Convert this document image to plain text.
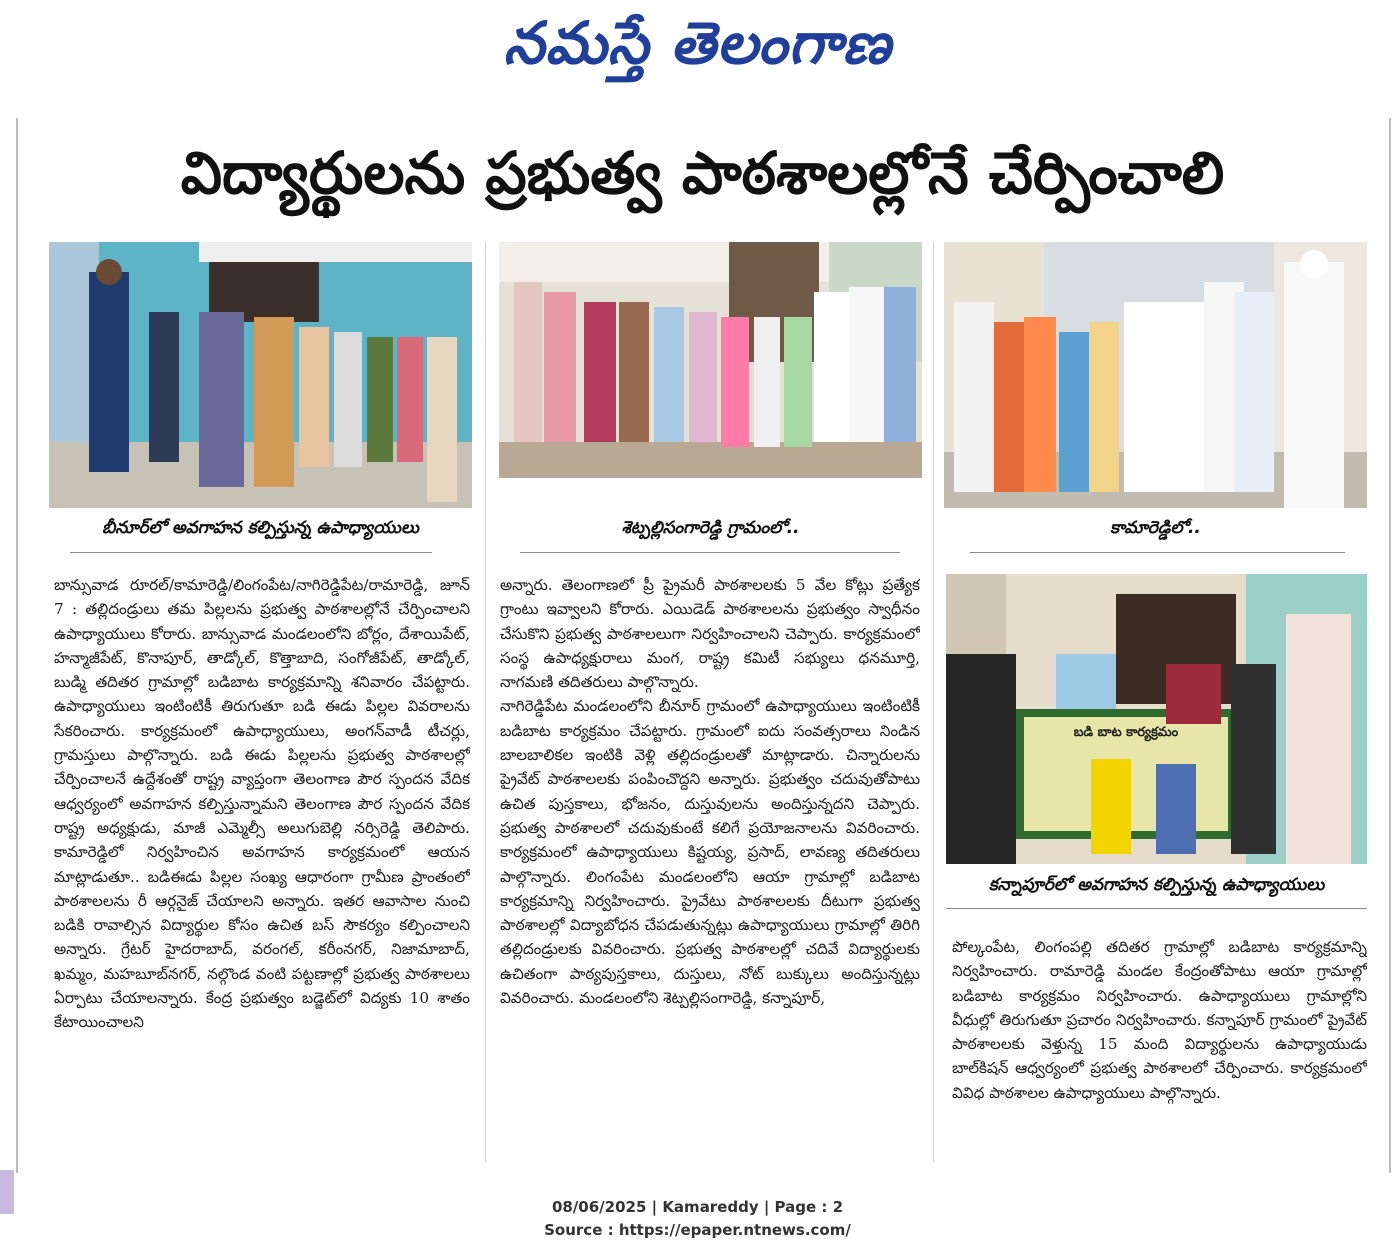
నమస్తే తెలంగాణ
విద్యార్థులను ప్రభుత్వ పాఠశాలల్లోనే చేర్పించాలి
బీనూర్‌లో అవగాహన కల్పిస్తున్న ఉపాధ్యాయులు	శెట్పల్లిసంగారెడ్డి గ్రామంలో..	కామారెడ్డిలో..
బడి బాట కార్యక్రమం
కన్నాపూర్‌లో అవగాహన కల్పిస్తున్న ఉపాధ్యాయులు

బాన్సువాడ రూరల్‌/కామారెడ్డి/లింగంపేట/నాగిరెడ్డిపేట/రామారెడ్డి, జూన్‌ 7 : తల్లిదండ్రులు తమ పిల్లలను ప్రభుత్వ పాఠశాలల్లోనే చేర్పించాలని ఉపాధ్యాయులు కోరారు. బాన్సువాడ మండలంలోని బోర్లం, దేశాయిపేట్‌, హన్మాజీపేట్‌, కొనాపూర్‌, తాడ్కోల్‌, కొత్తాబాది, సంగోజీపేట్‌, తాడ్కోల్‌, బుడ్మి తదితర గ్రామాల్లో బడిబాట కార్యక్రమాన్ని శనివారం చేపట్టారు. ఉపాధ్యాయులు ఇంటింటికీ తిరుగుతూ బడి ఈడు పిల్లల వివరాలను సేకరించారు. కార్యక్రమంలో ఉపాధ్యాయులు, అంగన్‌వాడీ టీచర్లు, గ్రామస్తులు పాల్గొన్నారు. బడి ఈడు పిల్లలను ప్రభుత్వ పాఠశాలల్లో చేర్పించాలనే ఉద్దేశంతో రాష్ట్ర వ్యాప్తంగా తెలంగాణ పౌర స్పందన వేదిక ఆధ్వర్యంలో అవగాహన కల్పిస్తున్నామని తెలంగాణ పౌర స్పందన వేదిక రాష్ట్ర అధ్యక్షుడు, మాజీ ఎమ్మెల్సీ అలుగుబెల్లి నర్సిరెడ్డి తెలిపారు. కామారెడ్డిలో నిర్వహించిన అవగాహన కార్యక్రమంలో ఆయన మాట్లాడుతూ.. బడిఈడు పిల్లల సంఖ్య ఆధారంగా గ్రామీణ ప్రాంతంలో పాఠశాలలను రీ ఆర్గనైజ్‌ చేయాలని అన్నారు. ఇతర ఆవాసాల నుంచి బడికి రావాల్సిన విద్యార్థుల కోసం ఉచిత బస్‌ సౌకర్యం కల్పించాలని అన్నారు. గ్రేటర్‌ హైదరాబాద్‌, వరంగల్‌, కరీంనగర్‌, నిజామాబాద్‌, ఖమ్మం, మహబూబ్‌నగర్‌, నల్గొండ వంటి పట్టణాల్లో ప్రభుత్వ పాఠశాలలు ఏర్పాటు చేయాలన్నారు. కేంద్ర ప్రభుత్వం బడ్జెట్‌లో విద్యకు 10 శాతం కేటాయించాలని

అన్నారు. తెలంగాణలో ప్రీ ప్రైమరీ పాఠశాలలకు 5 వేల కోట్లు ప్రత్యేక గ్రాంటు ఇవ్వాలని కోరారు. ఎయిడెడ్‌ పాఠశాలలను ప్రభుత్వం స్వాధీనం చేసుకొని ప్రభుత్వ పాఠశాలలుగా నిర్వహించాలని చెప్పారు. కార్యక్రమంలో సంస్థ ఉపాధ్యక్షురాలు మంగ, రాష్ట్ర కమిటీ సభ్యులు ధనమూర్తి, నాగమణి తదితరులు పాల్గొన్నారు.

నాగిరెడ్డిపేట మండలంలోని బీనూర్‌ గ్రామంలో ఉపాధ్యాయులు ఇంటింటికీ బడిబాట కార్యక్రమం చేపట్టారు. గ్రామంలో ఐదు సంవత్సరాలు నిండిన బాలబాలికల ఇంటికి వెళ్లి తల్లిదండ్రులతో మాట్లాడారు. చిన్నారులను ప్రైవేట్‌ పాఠశాలలకు పంపించొద్దని అన్నారు. ప్రభుత్వం చదువుతోపాటు ఉచిత పుస్తకాలు, భోజనం, దుస్తువులను అందిస్తున్నదని చెప్పారు. ప్రభుత్వ పాఠశాలలో చదువుకుంటే కలిగే ప్రయోజనాలను వివరించారు. కార్యక్రమంలో ఉపాధ్యాయులు కిష్టయ్య, ప్రసాద్‌, లావణ్య తదితరులు పాల్గొన్నారు. లింగంపేట మండలంలోని ఆయా గ్రామాల్లో బడిబాట కార్యక్రమాన్ని నిర్వహించారు. ప్రైవేటు పాఠశాలలకు దీటుగా ప్రభుత్వ పాఠశాలల్లో విద్యాబోధన చేపడుతున్నట్లు ఉపాధ్యాయులు గ్రామాల్లో తిరిగి తల్లిదండ్రులకు వివరించారు. ప్రభుత్వ పాఠశాలల్లో చదివే విద్యార్థులకు ఉచితంగా పాఠ్యపుస్తకాలు, దుస్తులు, నోట్‌ బుక్కులు అందిస్తున్నట్లు వివరించారు. మండలంలోని శెట్పల్లిసంగారెడ్డి, కన్నాపూర్‌,

పోల్కంపేట, లింగంపల్లి తదితర గ్రామాల్లో బడిబాట కార్యక్రమాన్ని నిర్వహించారు. రామారెడ్డి మండల కేంద్రంతోపాటు ఆయా గ్రామాల్లో బడిబాట కార్యక్రమం నిర్వహించారు. ఉపాధ్యాయులు గ్రామాల్లోని వీధుల్లో తిరుగుతూ ప్రచారం నిర్వహించారు. కన్నాపూర్‌ గ్రామంలో ప్రైవేట్‌ పాఠశాలలకు వెళ్తున్న 15 మంది విద్యార్థులను ఉపాధ్యాయుడు బాల్‌కిషన్‌ ఆధ్వర్యంలో ప్రభుత్వ పాఠశాలలో చేర్పించారు. కార్యక్రమంలో వివిధ పాఠశాలల ఉపాధ్యాయులు పాల్గొన్నారు.

08/06/2025 | Kamareddy | Page : 2
Source : https://epaper.ntnews.com/
